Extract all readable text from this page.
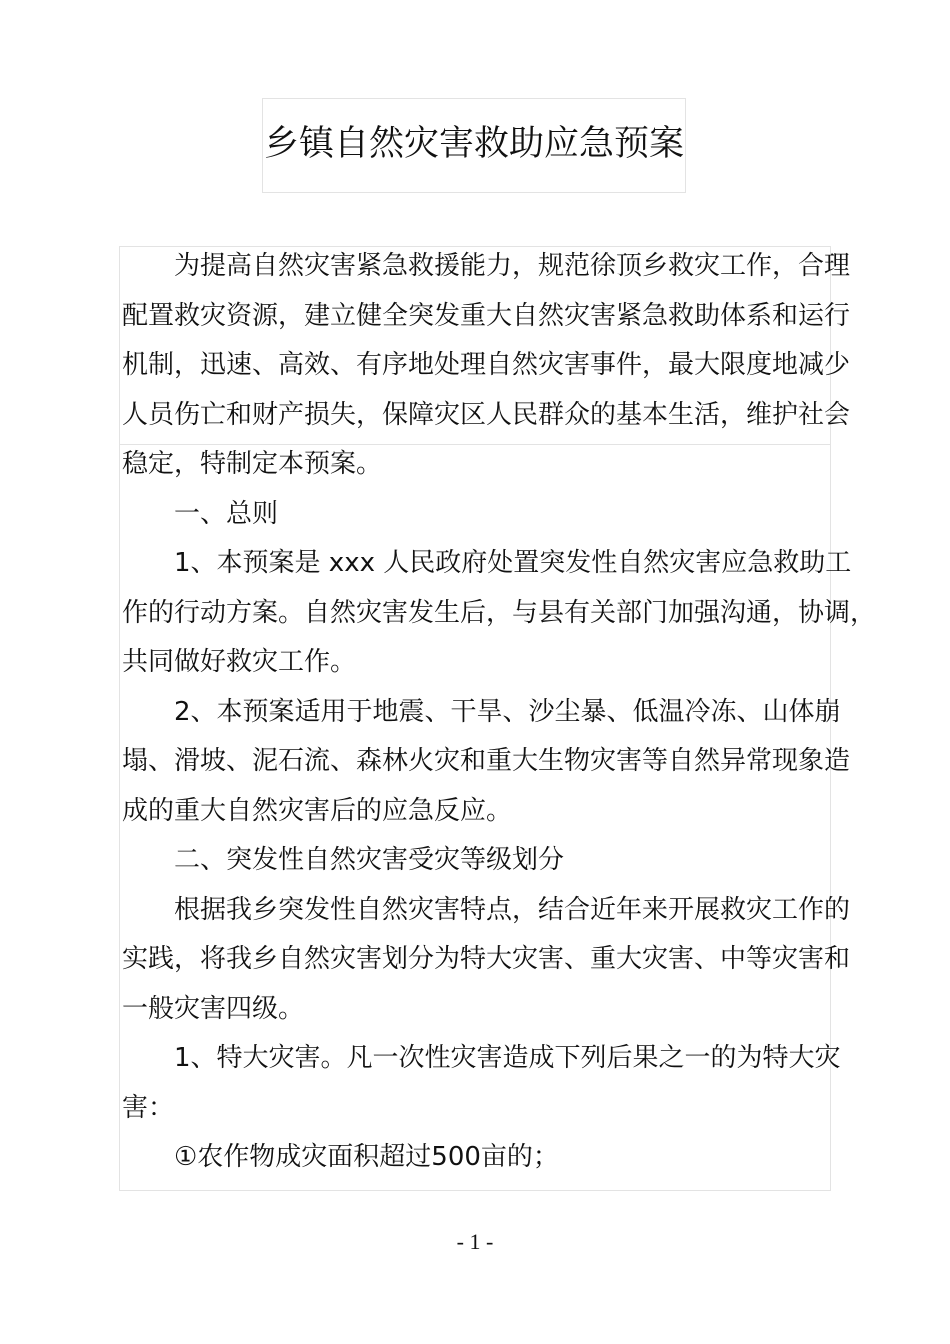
乡镇自然灾害救助应急预案
为提高自然灾害紧急救援能力，规范徐顶乡救灾工作，合理
配置救灾资源，建立健全突发重大自然灾害紧急救助体系和运行
机制，迅速、高效、有序地处理自然灾害事件，最大限度地减少
人员伤亡和财产损失，保障灾区人民群众的基本生活，维护社会
稳定，特制定本预案。
一、总则
1、本预案是 xxx 人民政府处置突发性自然灾害应急救助工
作的行动方案。自然灾害发生后，与县有关部门加强沟通，协调，
共同做好救灾工作。
2、本预案适用于地震、干旱、沙尘暴、低温冷冻、山体崩
塌、滑坡、泥石流、森林火灾和重大生物灾害等自然异常现象造
成的重大自然灾害后的应急反应。
二、突发性自然灾害受灾等级划分
根据我乡突发性自然灾害特点，结合近年来开展救灾工作的
实践，将我乡自然灾害划分为特大灾害、重大灾害、中等灾害和
一般灾害四级。
1、特大灾害。凡一次性灾害造成下列后果之一的为特大灾
害：
①农作物成灾面积超过500亩的；
- 1 -
